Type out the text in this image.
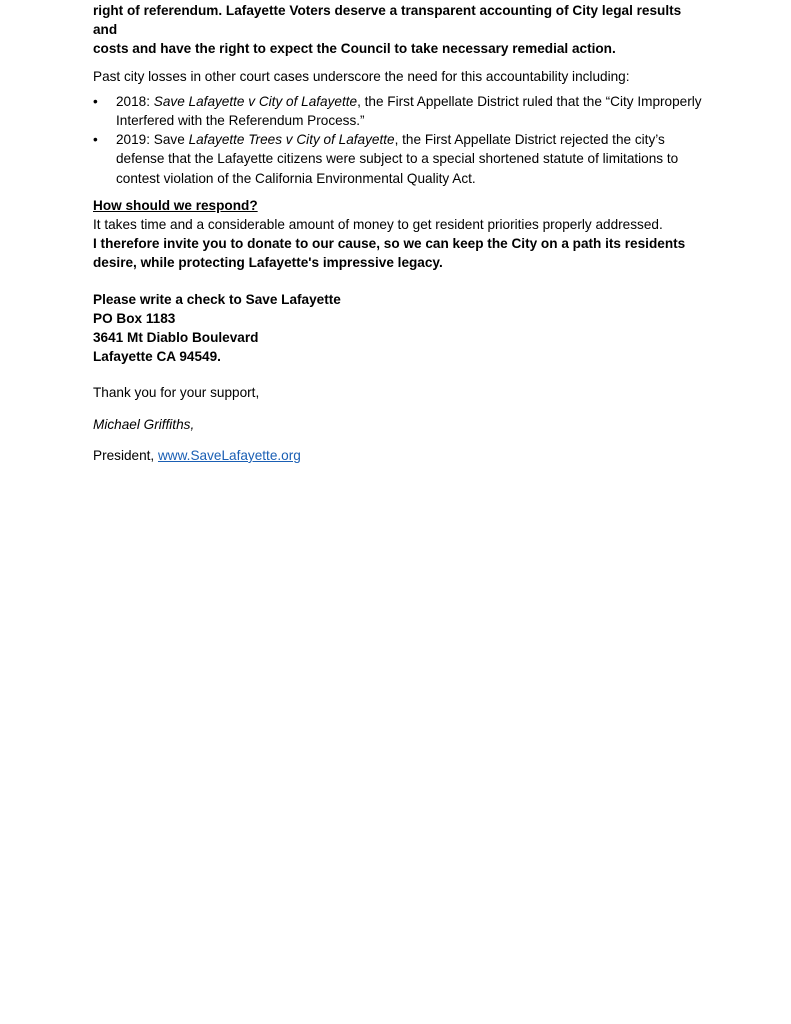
right of referendum. Lafayette Voters deserve a transparent accounting of City legal results and
costs and have the right to expect the Council to take necessary remedial action.

Past city losses in other court cases underscore the need for this accountability including:

•	2018: Save Lafayette v City of Lafayette, the First Appellate District ruled that the “City Improperly Interfered with the Referendum Process.”
•	2019: Save Lafayette Trees v City of Lafayette, the First Appellate District rejected the city’s defense that the Lafayette citizens were subject to a special shortened statute of limitations to contest violation of the California Environmental Quality Act.

How should we respond?
It takes time and a considerable amount of money to get resident priorities properly addressed.
I therefore invite you to donate to our cause, so we can keep the City on a path its residents desire, while protecting Lafayette's impressive legacy.

Please write a check to Save Lafayette
PO Box 1183
3641 Mt Diablo Boulevard
Lafayette CA 94549.

Thank you for your support,

Michael Griffiths,

President, www.SaveLafayette.org
